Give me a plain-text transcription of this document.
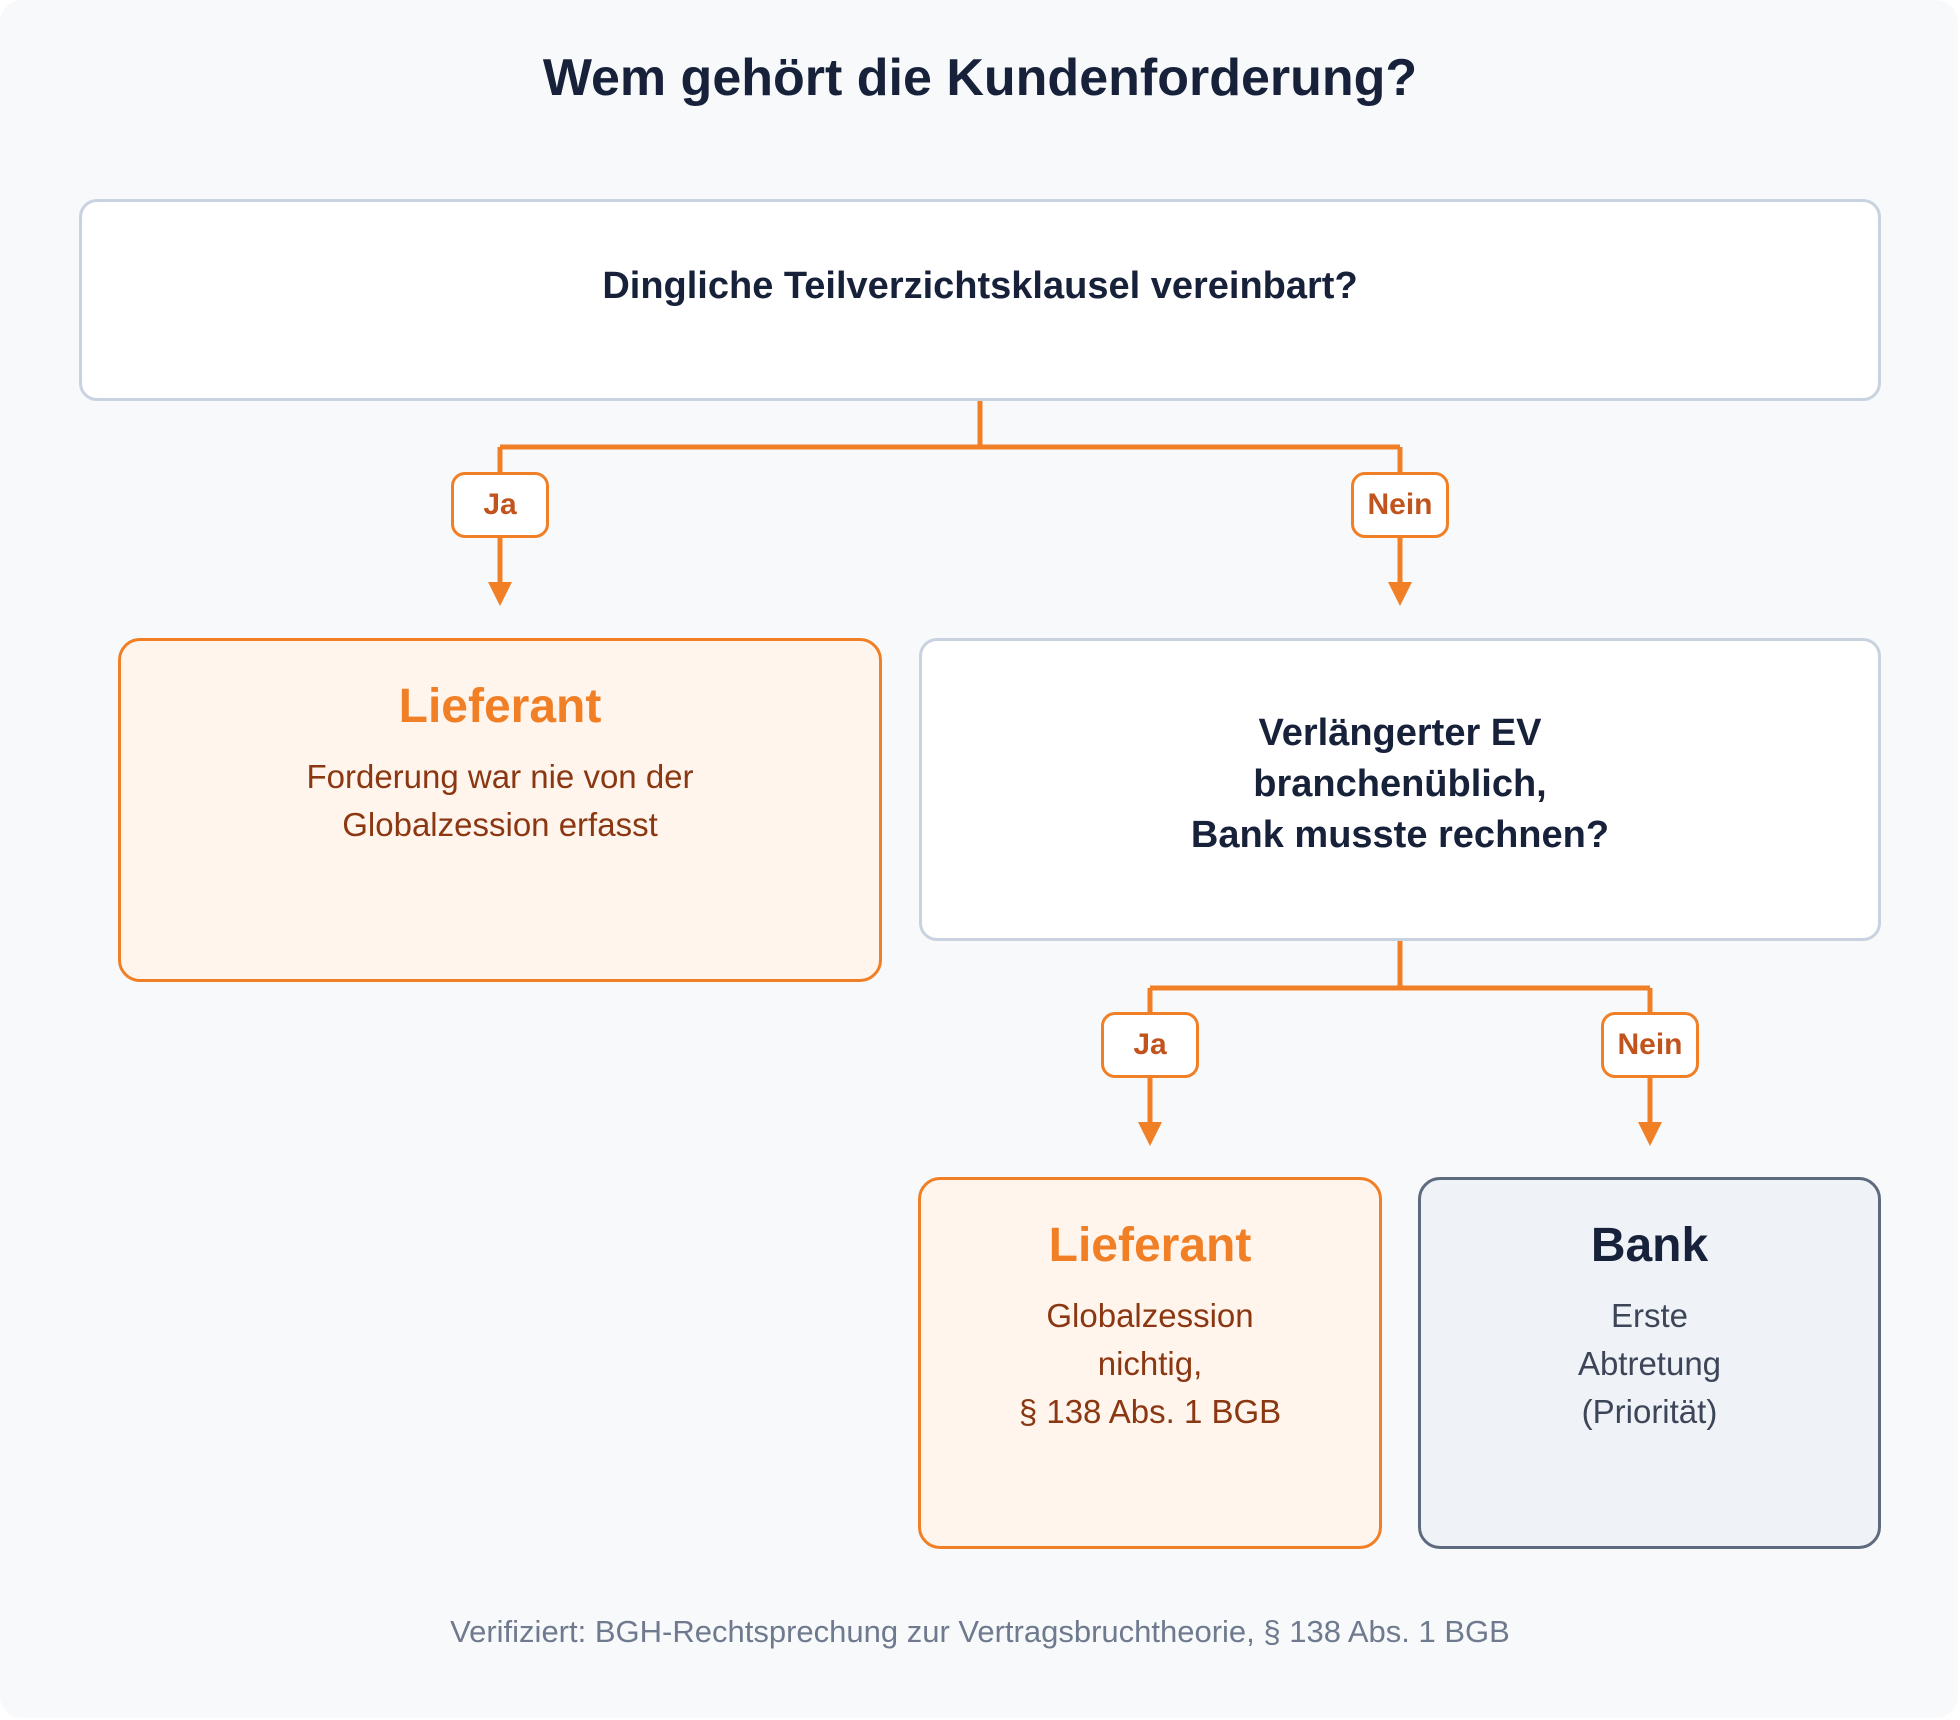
Wem gehört die Kundenforderung?
Dingliche Teilverzichtsklausel vereinbart?
Ja	Nein
Lieferant
Forderung war nie von der
Globalzession erfasst
Verlängerter EV
branchenüblich,
Bank musste rechnen?
Ja	Nein
Lieferant
Globalzession
nichtig,
§ 138 Abs. 1 BGB
Bank
Erste
Abtretung
(Priorität)
Verifiziert: BGH-Rechtsprechung zur Vertragsbruchtheorie, § 138 Abs. 1 BGB
